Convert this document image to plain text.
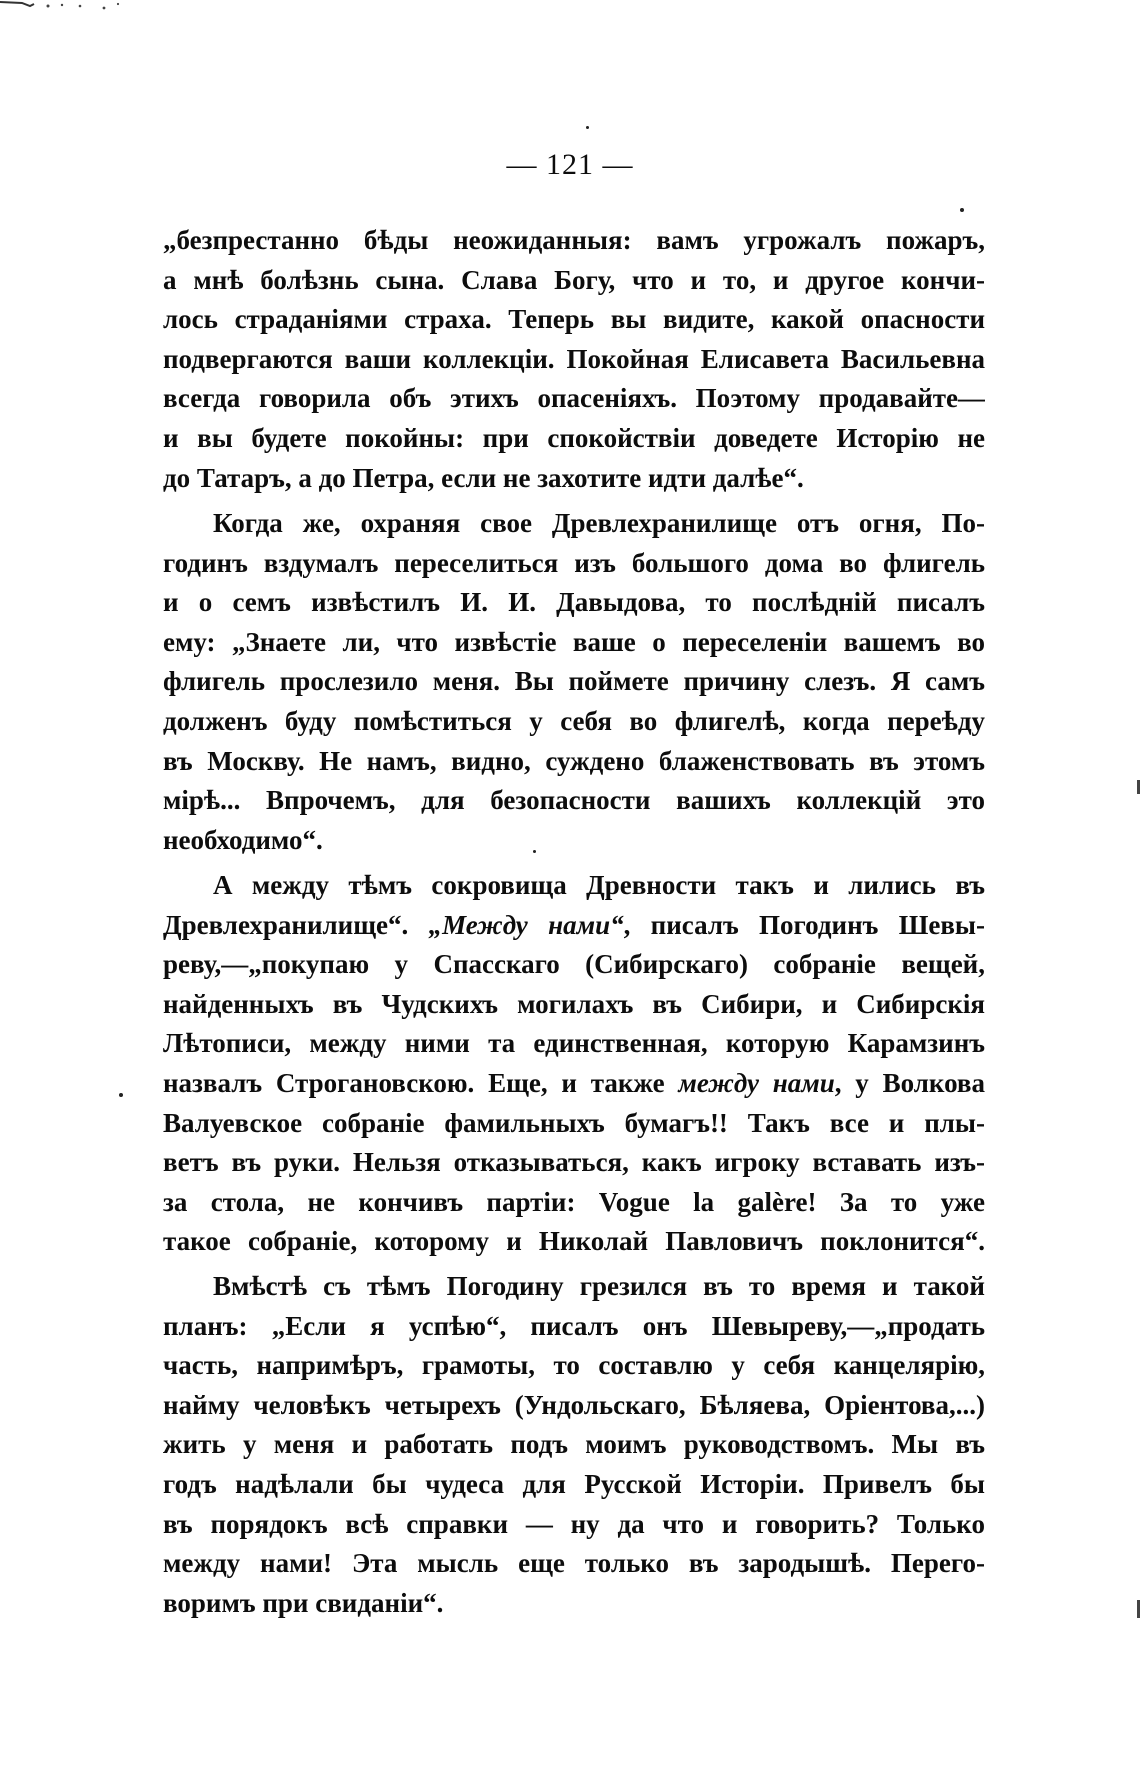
— 121 —
„безпрестанно бѣды неожиданныя: вамъ угрожалъ пожаръ,
а мнѣ болѣзнь сына. Слава Богу, что и то, и другое кончи-
лось страданіями страха. Теперь вы видите, какой опасности
подвергаются ваши коллекціи. Покойная Елисавета Васильевна
всегда говорила объ этихъ опасеніяхъ. Поэтому продавайте—
и вы будете покойны: при спокойствіи доведете Исторію не
до Татаръ, а до Петра, если не захотите идти далѣе“.
Когда же, охраняя свое Древлехранилище отъ огня, По-
годинъ вздумалъ переселиться изъ большого дома во флигель
и о семъ извѣстилъ И. И. Давыдова, то послѣдній писалъ
ему: „Знаете ли, что извѣстіе ваше о переселеніи вашемъ во
флигель прослезило меня. Вы поймете причину слезъ. Я самъ
долженъ буду помѣститься у себя во флигелѣ, когда переѣду
въ Москву. Не намъ, видно, суждено блаженствовать въ этомъ
мірѣ... Впрочемъ, для безопасности вашихъ коллекцій это
необходимо“.
А между тѣмъ сокровища Древности такъ и лились въ
Древлехранилище“. „Между нами“, писалъ Погодинъ Шевы-
реву,—„покупаю у Спасскаго (Сибирскаго) собраніе вещей,
найденныхъ въ Чудскихъ могилахъ въ Сибири, и Сибирскія
Лѣтописи, между ними та единственная, которую Карамзинъ
назвалъ Строгановскою. Еще, и также между нами, у Волкова
Валуевское собраніе фамильныхъ бумагъ!! Такъ все и плы-
ветъ въ руки. Нельзя отказываться, какъ игроку вставать изъ-
за стола, не кончивъ партіи: Vogue la galère! За то уже
такое собраніе, которому и Николай Павловичъ поклонится“.
Вмѣстѣ съ тѣмъ Погодину грезился въ то время и такой
планъ: „Если я успѣю“, писалъ онъ Шевыреву,—„продать
часть, напримѣръ, грамоты, то составлю у себя канцелярію,
найму человѣкъ четырехъ (Ундольскаго, Бѣляева, Оріентова,...)
жить у меня и работать подъ моимъ руководствомъ. Мы въ
годъ надѣлали бы чудеса для Русской Исторіи. Привелъ бы
въ порядокъ всѣ справки — ну да что и говорить? Только
между нами! Эта мысль еще только въ зародышѣ. Перего-
воримъ при свиданіи“.
